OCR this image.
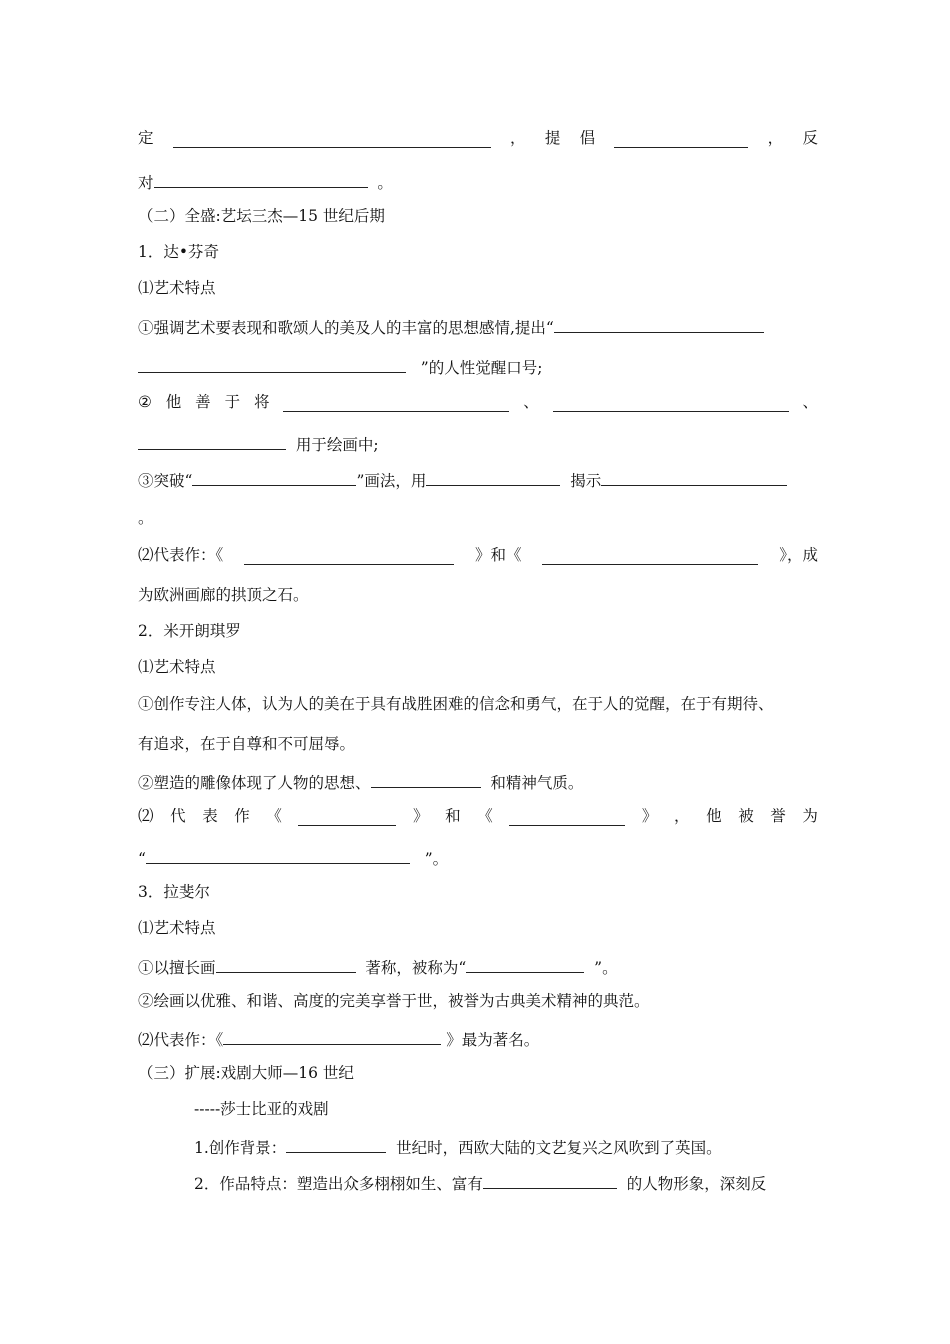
定	， 提 倡	， 反
对	。
（二）全盛:艺坛三杰—15 世纪后期
1．达•芬奇
⑴艺术特点
①强调艺术要表现和歌颂人的美及人的丰富的思想感情,提出“
”的人性觉醒口号;
② 他 善 于 将	、	、
用于绘画中;
③突破“	”画法，用	揭示
。
⑵代表作：《	》和《	》，成
为欧洲画廊的拱顶之石。
2．米开朗琪罗
⑴艺术特点
①创作专注人体，认为人的美在于具有战胜困难的信念和勇气，在于人的觉醒，在于有期待、
有追求，在于自尊和不可屈辱。
②塑造的雕像体现了人物的思想、	和精神气质。
⑵ 代 表 作 《	》 和 《	》 ， 他 被 誉 为
“	”。
3．拉斐尔
⑴艺术特点
①以擅长画	著称，被称为“	”。
②绘画以优雅、和谐、高度的完美享誉于世，被誉为古典美术精神的典范。
⑵代表作：《	》最为著名。
（三）扩展:戏剧大师—16 世纪
-----莎士比亚的戏剧
1.创作背景：	世纪时，西欧大陆的文艺复兴之风吹到了英国。
2．作品特点：塑造出众多栩栩如生、富有	的人物形象，深刻反
